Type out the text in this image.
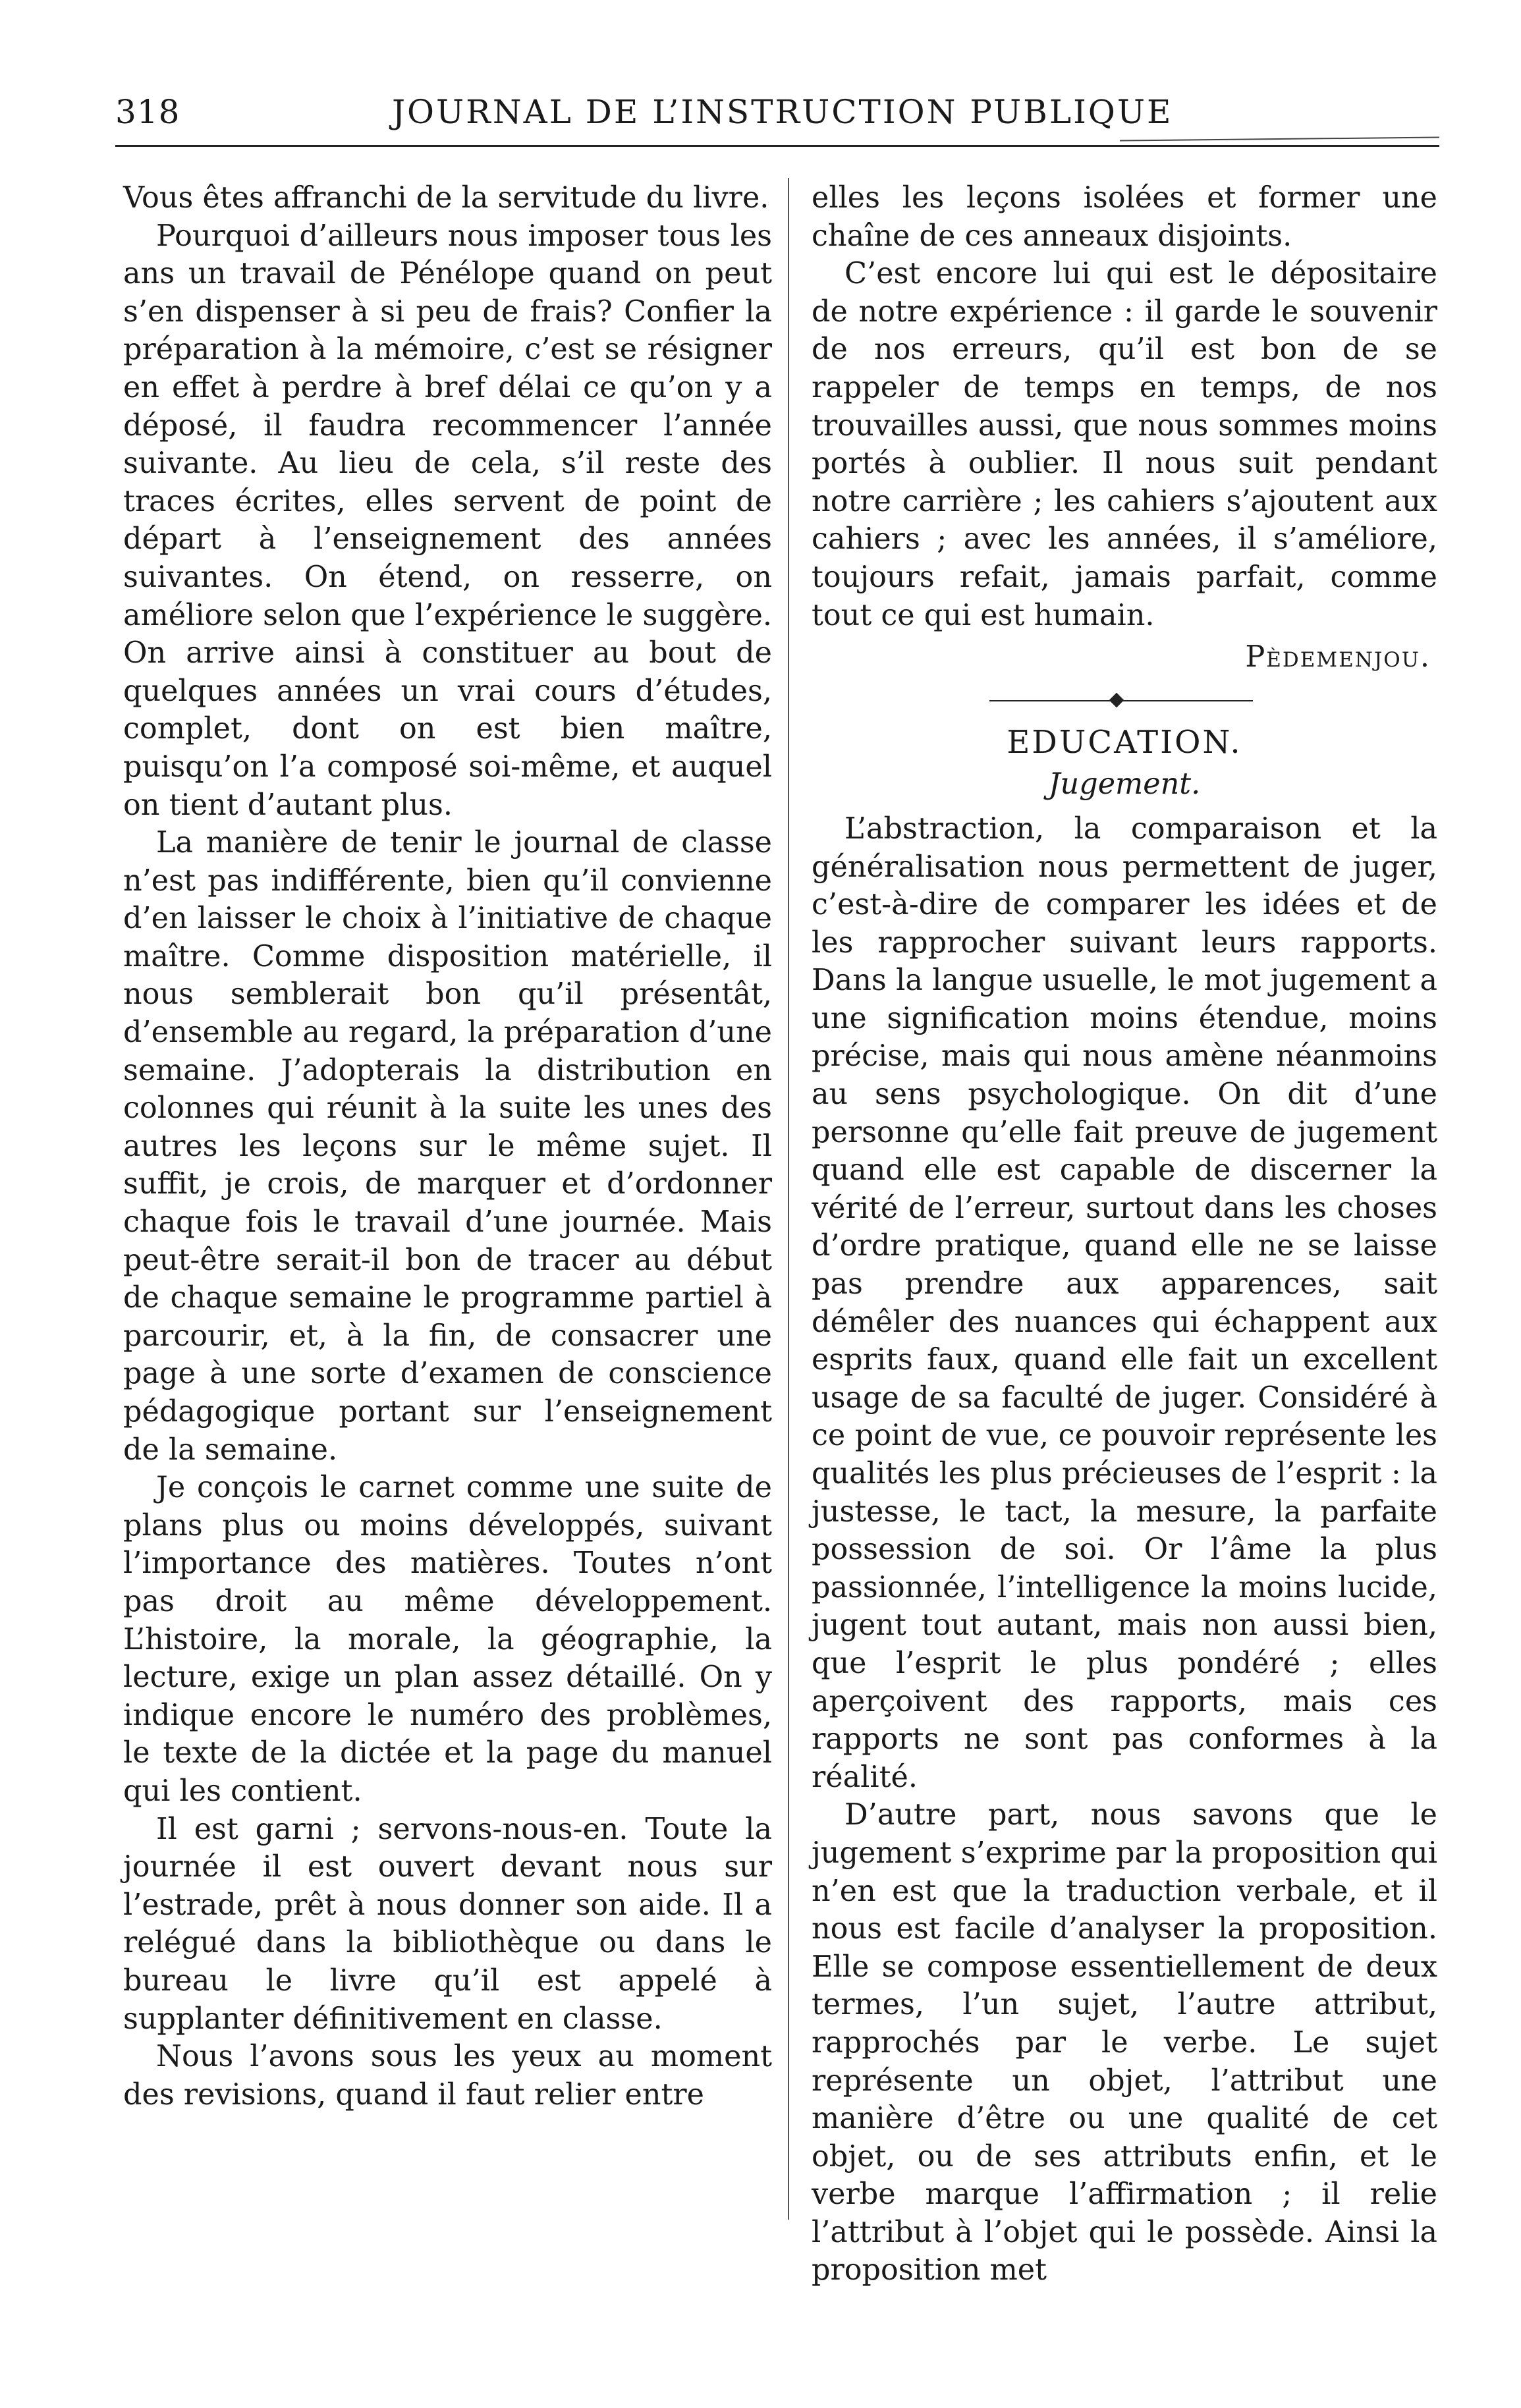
318	JOURNAL DE L’INSTRUCTION PUBLIQUE

Vous êtes affranchi de la servitude du livre.

Pourquoi d’ailleurs nous imposer tous les ans un travail de Pénélope quand on peut s’en dispenser à si peu de frais? Confier la préparation à la mémoire, c’est se résigner en effet à perdre à bref délai ce qu’on y a déposé, il faudra recommencer l’année suivante. Au lieu de cela, s’il reste des traces écrites, elles servent de point de départ à l’enseignement des années suivantes. On étend, on resserre, on améliore selon que l’expérience le suggère. On arrive ainsi à constituer au bout de quelques années un vrai cours d’études, complet, dont on est bien maître, puisqu’on l’a composé soi-même, et auquel on tient d’autant plus.

La manière de tenir le journal de classe n’est pas indifférente, bien qu’il convienne d’en laisser le choix à l’initiative de chaque maître. Comme disposition matérielle, il nous semblerait bon qu’il présentât, d’ensemble au regard, la préparation d’une semaine. J’adopterais la distribution en colonnes qui réunit à la suite les unes des autres les leçons sur le même sujet. Il suffit, je crois, de marquer et d’ordonner chaque fois le travail d’une journée. Mais peut-être serait-il bon de tracer au début de chaque semaine le programme partiel à parcourir, et, à la fin, de consacrer une page à une sorte d’examen de conscience pédagogique portant sur l’enseignement de la semaine.

Je conçois le carnet comme une suite de plans plus ou moins développés, suivant l’importance des matières. Toutes n’ont pas droit au même développement. L’histoire, la morale, la géographie, la lecture, exige un plan assez détaillé. On y indique encore le numéro des problèmes, le texte de la dictée et la page du manuel qui les contient.

Il est garni ; servons-nous-en. Toute la journée il est ouvert devant nous sur l’estrade, prêt à nous donner son aide. Il a relégué dans la bibliothèque ou dans le bureau le livre qu’il est appelé à supplanter définitivement en classe.

Nous l’avons sous les yeux au moment des revisions, quand il faut relier entre

elles les leçons isolées et former une chaîne de ces anneaux disjoints.

C’est encore lui qui est le dépositaire de notre expérience : il garde le souvenir de nos erreurs, qu’il est bon de se rappeler de temps en temps, de nos trouvailles aussi, que nous sommes moins portés à oublier. Il nous suit pendant notre carrière ; les cahiers s’ajoutent aux cahiers ; avec les années, il s’améliore, toujours refait, jamais parfait, comme tout ce qui est humain.

Pèdemenjou.

EDUCATION.

Jugement.

L’abstraction, la comparaison et la généralisation nous permettent de juger, c’est-à-dire de comparer les idées et de les rapprocher suivant leurs rapports. Dans la langue usuelle, le mot jugement a une signification moins étendue, moins précise, mais qui nous amène néanmoins au sens psychologique. On dit d’une personne qu’elle fait preuve de jugement quand elle est capable de discerner la vérité de l’erreur, surtout dans les choses d’ordre pratique, quand elle ne se laisse pas prendre aux apparences, sait démêler des nuances qui échappent aux esprits faux, quand elle fait un excellent usage de sa faculté de juger. Considéré à ce point de vue, ce pouvoir représente les qualités les plus précieuses de l’esprit : la justesse, le tact, la mesure, la parfaite possession de soi. Or l’âme la plus passionnée, l’intelligence la moins lucide, jugent tout autant, mais non aussi bien, que l’esprit le plus pondéré ; elles aperçoivent des rapports, mais ces rapports ne sont pas conformes à la réalité.

D’autre part, nous savons que le jugement s’exprime par la proposition qui n’en est que la traduction verbale, et il nous est facile d’analyser la proposition. Elle se compose essentiellement de deux termes, l’un sujet, l’autre attribut, rapprochés par le verbe. Le sujet représente un objet, l’attribut une manière d’être ou une qualité de cet objet, ou de ses attributs enfin, et le verbe marque l’affirmation ; il relie l’attribut à l’objet qui le possède. Ainsi la proposition met
